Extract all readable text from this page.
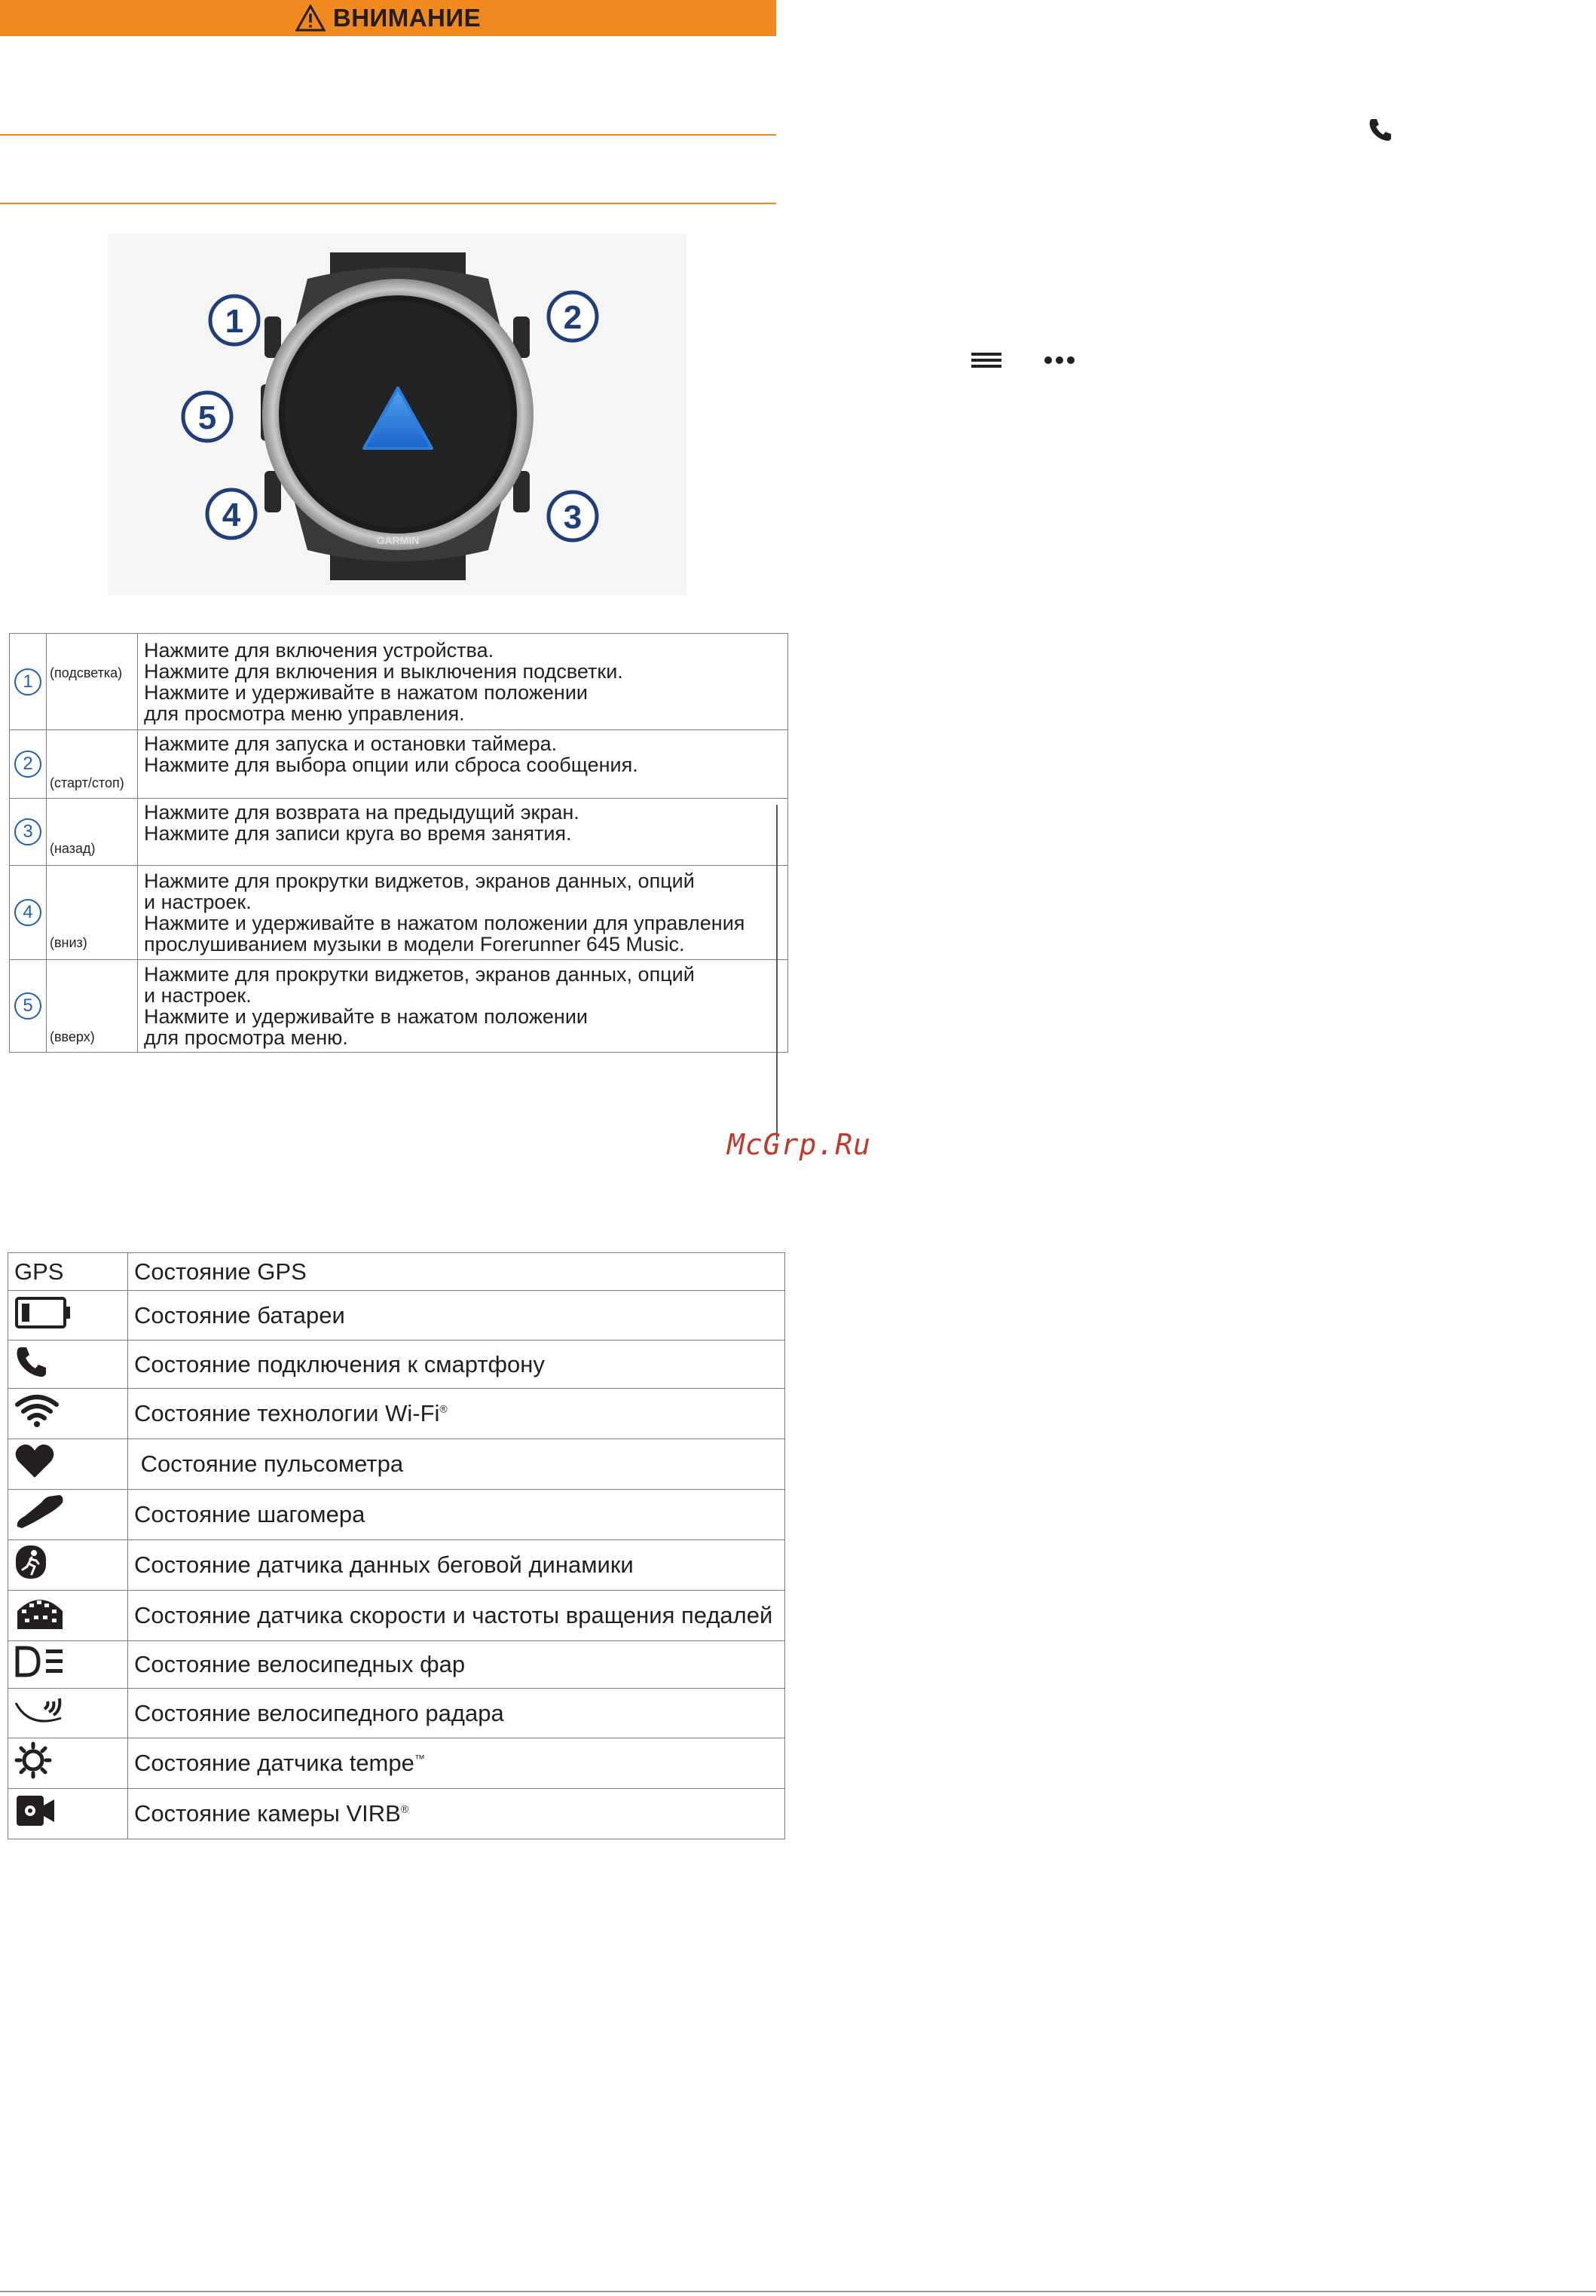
ВНИМАНИЕ
GARMIN
1	2
3
4
5
1	(подсветка)	Нажмите для включения устройства.
Нажмите для включения и выключения подсветки.
Нажмите и удерживайте в нажатом положении
для просмотра меню управления.

2	(старт/стоп)	Нажмите для запуска и остановки таймера.
Нажмите для выбора опции или сброса сообщения.

3	(назад)	Нажмите для возврата на предыдущий экран.
Нажмите для записи круга во время занятия.

4	(вниз)	Нажмите для прокрутки виджетов, экранов данных, опций
и настроек.
Нажмите и удерживайте в нажатом положении для управления
прослушиванием музыки в модели Forerunner 645 Music.

5	(вверх)	Нажмите для прокрутки виджетов, экранов данных, опций
и настроек.
Нажмите и удерживайте в нажатом положении
для просмотра меню.
McGrp.Ru
GPS	Состояние GPS
	Состояние батареи
	Состояние подключения к смартфону
	Состояние технологии Wi-Fi®
	Состояние пульсометра
	Состояние шагомера
	Состояние датчика данных беговой динамики
	Состояние датчика скорости и частоты вращения педалей
	Состояние велосипедных фар
	Состояние велосипедного радара
	Состояние датчика tempe™
	Состояние камеры VIRB®
